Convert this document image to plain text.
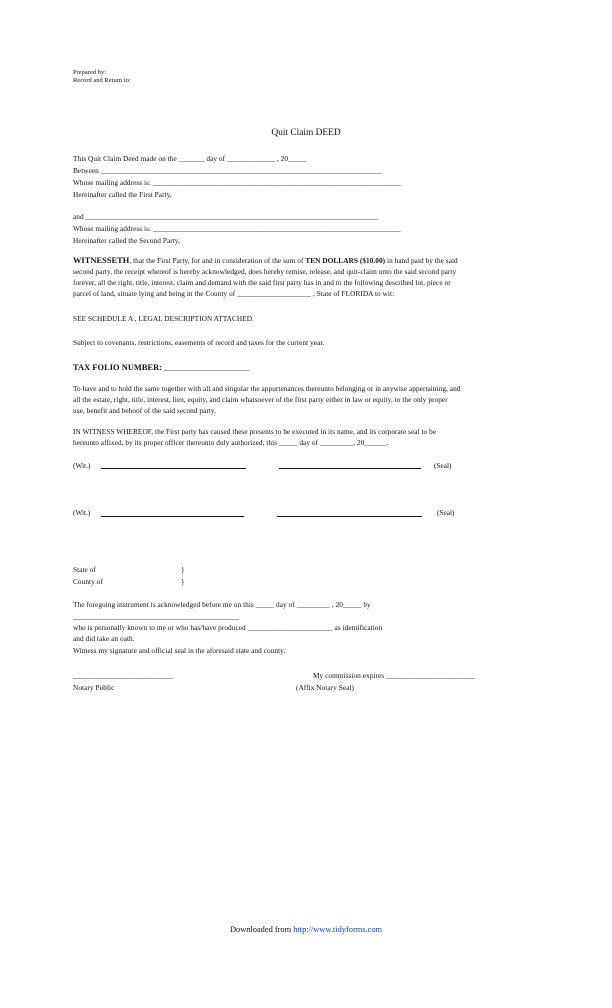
Prepared by:

Record and Return to:

Quit Claim DEED

This Quit Claim Deed made on the _______ day of _____________ , 20_____

Between ____________________________________________________________________________

Whose mailing address is: ___________________________________________________________________

Hereinafter called the First Party,

and _______________________________________________________________________________

Whose mailing address is: ___________________________________________________________________

Hereinafter called the Second Party,

WITNESSETH, that the First Party, for and in consideration of the sum of TEN DOLLARS ($10.00) in hand paid by the said

second party, the receipt whereof is hereby acknowledged, does hereby remise, release, and quit-claim unto the said second party

forever, all the right, title, interest, claim and demand with the said first party has in and to the following described lot, piece or

parcel of land, situate lying and being in the County of ____________________ , State of FLORIDA to wit:

SEE SCHEDULE A , LEGAL DESCRIPTION ATTACHED.

Subject to covenants, restrictions, easements of record and taxes for the current year.

TAX FOLIO NUMBER: _______________________

To have and to hold the same together with all and singular the appurtenances thereunto belonging or in anywise appertaining, and

all the estate, right, title, interest, lien, equity, and claim whatsoever of the first party either in law or equity, to the only proper

use, benefit and behoof of the said second party.

IN WITNESS WHEREOF, the First party has caused these presents to be executed in its name, and its corporate seal to be

hereunto affixed, by its proper officer thereunto duly authorized, this _____ day of _________, 20______.

(Wit.)	(Seal)

(Wit.)	(Seal)

State of	}

County of	}

The foregoing instrument is acknowledged before me on this _____ day of _________ , 20_____ by

_____________________________________________

who is personally known to me or who has/have produced _______________________ as identification

and did take an oath.

Witness my signature and official seal in the aforesaid state and county.

___________________________	My commission expires ________________________

Notary Public	(Affix Notary Seal)

Downloaded from http://www.tidyforms.com
